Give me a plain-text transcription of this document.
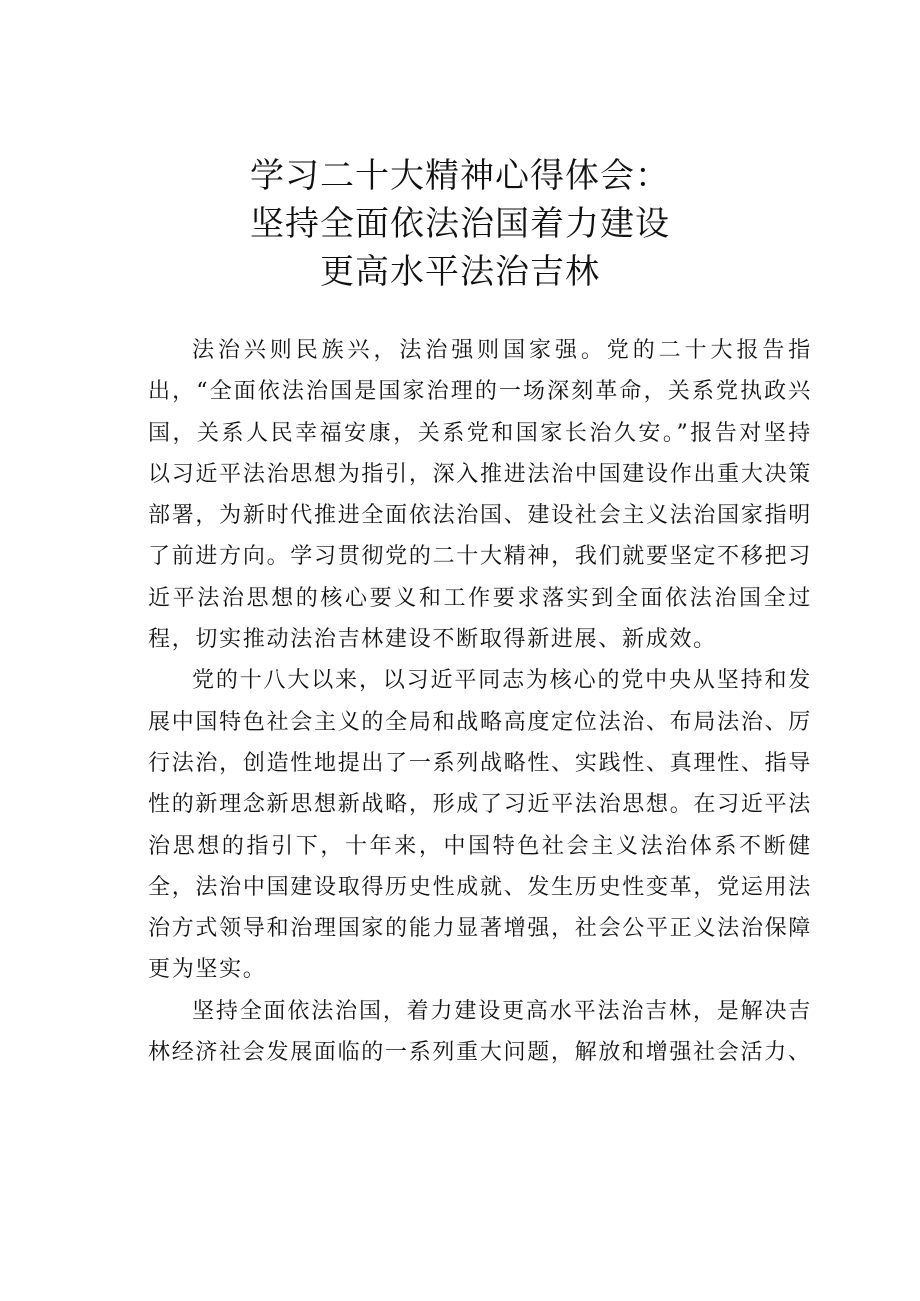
学习二十大精神心得体会：
坚持全面依法治国着力建设
更高水平法治吉林

法治兴则民族兴，法治强则国家强。党的二十大报告指出，“全面依法治国是国家治理的一场深刻革命，关系党执政兴国，关系人民幸福安康，关系党和国家长治久安。”报告对坚持以习近平法治思想为指引，深入推进法治中国建设作出重大决策部署，为新时代推进全面依法治国、建设社会主义法治国家指明了前进方向。学习贯彻党的二十大精神，我们就要坚定不移把习近平法治思想的核心要义和工作要求落实到全面依法治国全过程，切实推动法治吉林建设不断取得新进展、新成效。

党的十八大以来，以习近平同志为核心的党中央从坚持和发展中国特色社会主义的全局和战略高度定位法治、布局法治、厉行法治，创造性地提出了一系列战略性、实践性、真理性、指导性的新理念新思想新战略，形成了习近平法治思想。在习近平法治思想的指引下，十年来，中国特色社会主义法治体系不断健全，法治中国建设取得历史性成就、发生历史性变革，党运用法治方式领导和治理国家的能力显著增强，社会公平正义法治保障更为坚实。

坚持全面依法治国，着力建设更高水平法治吉林，是解决吉林经济社会发展面临的一系列重大问题，解放和增强社会活力、
